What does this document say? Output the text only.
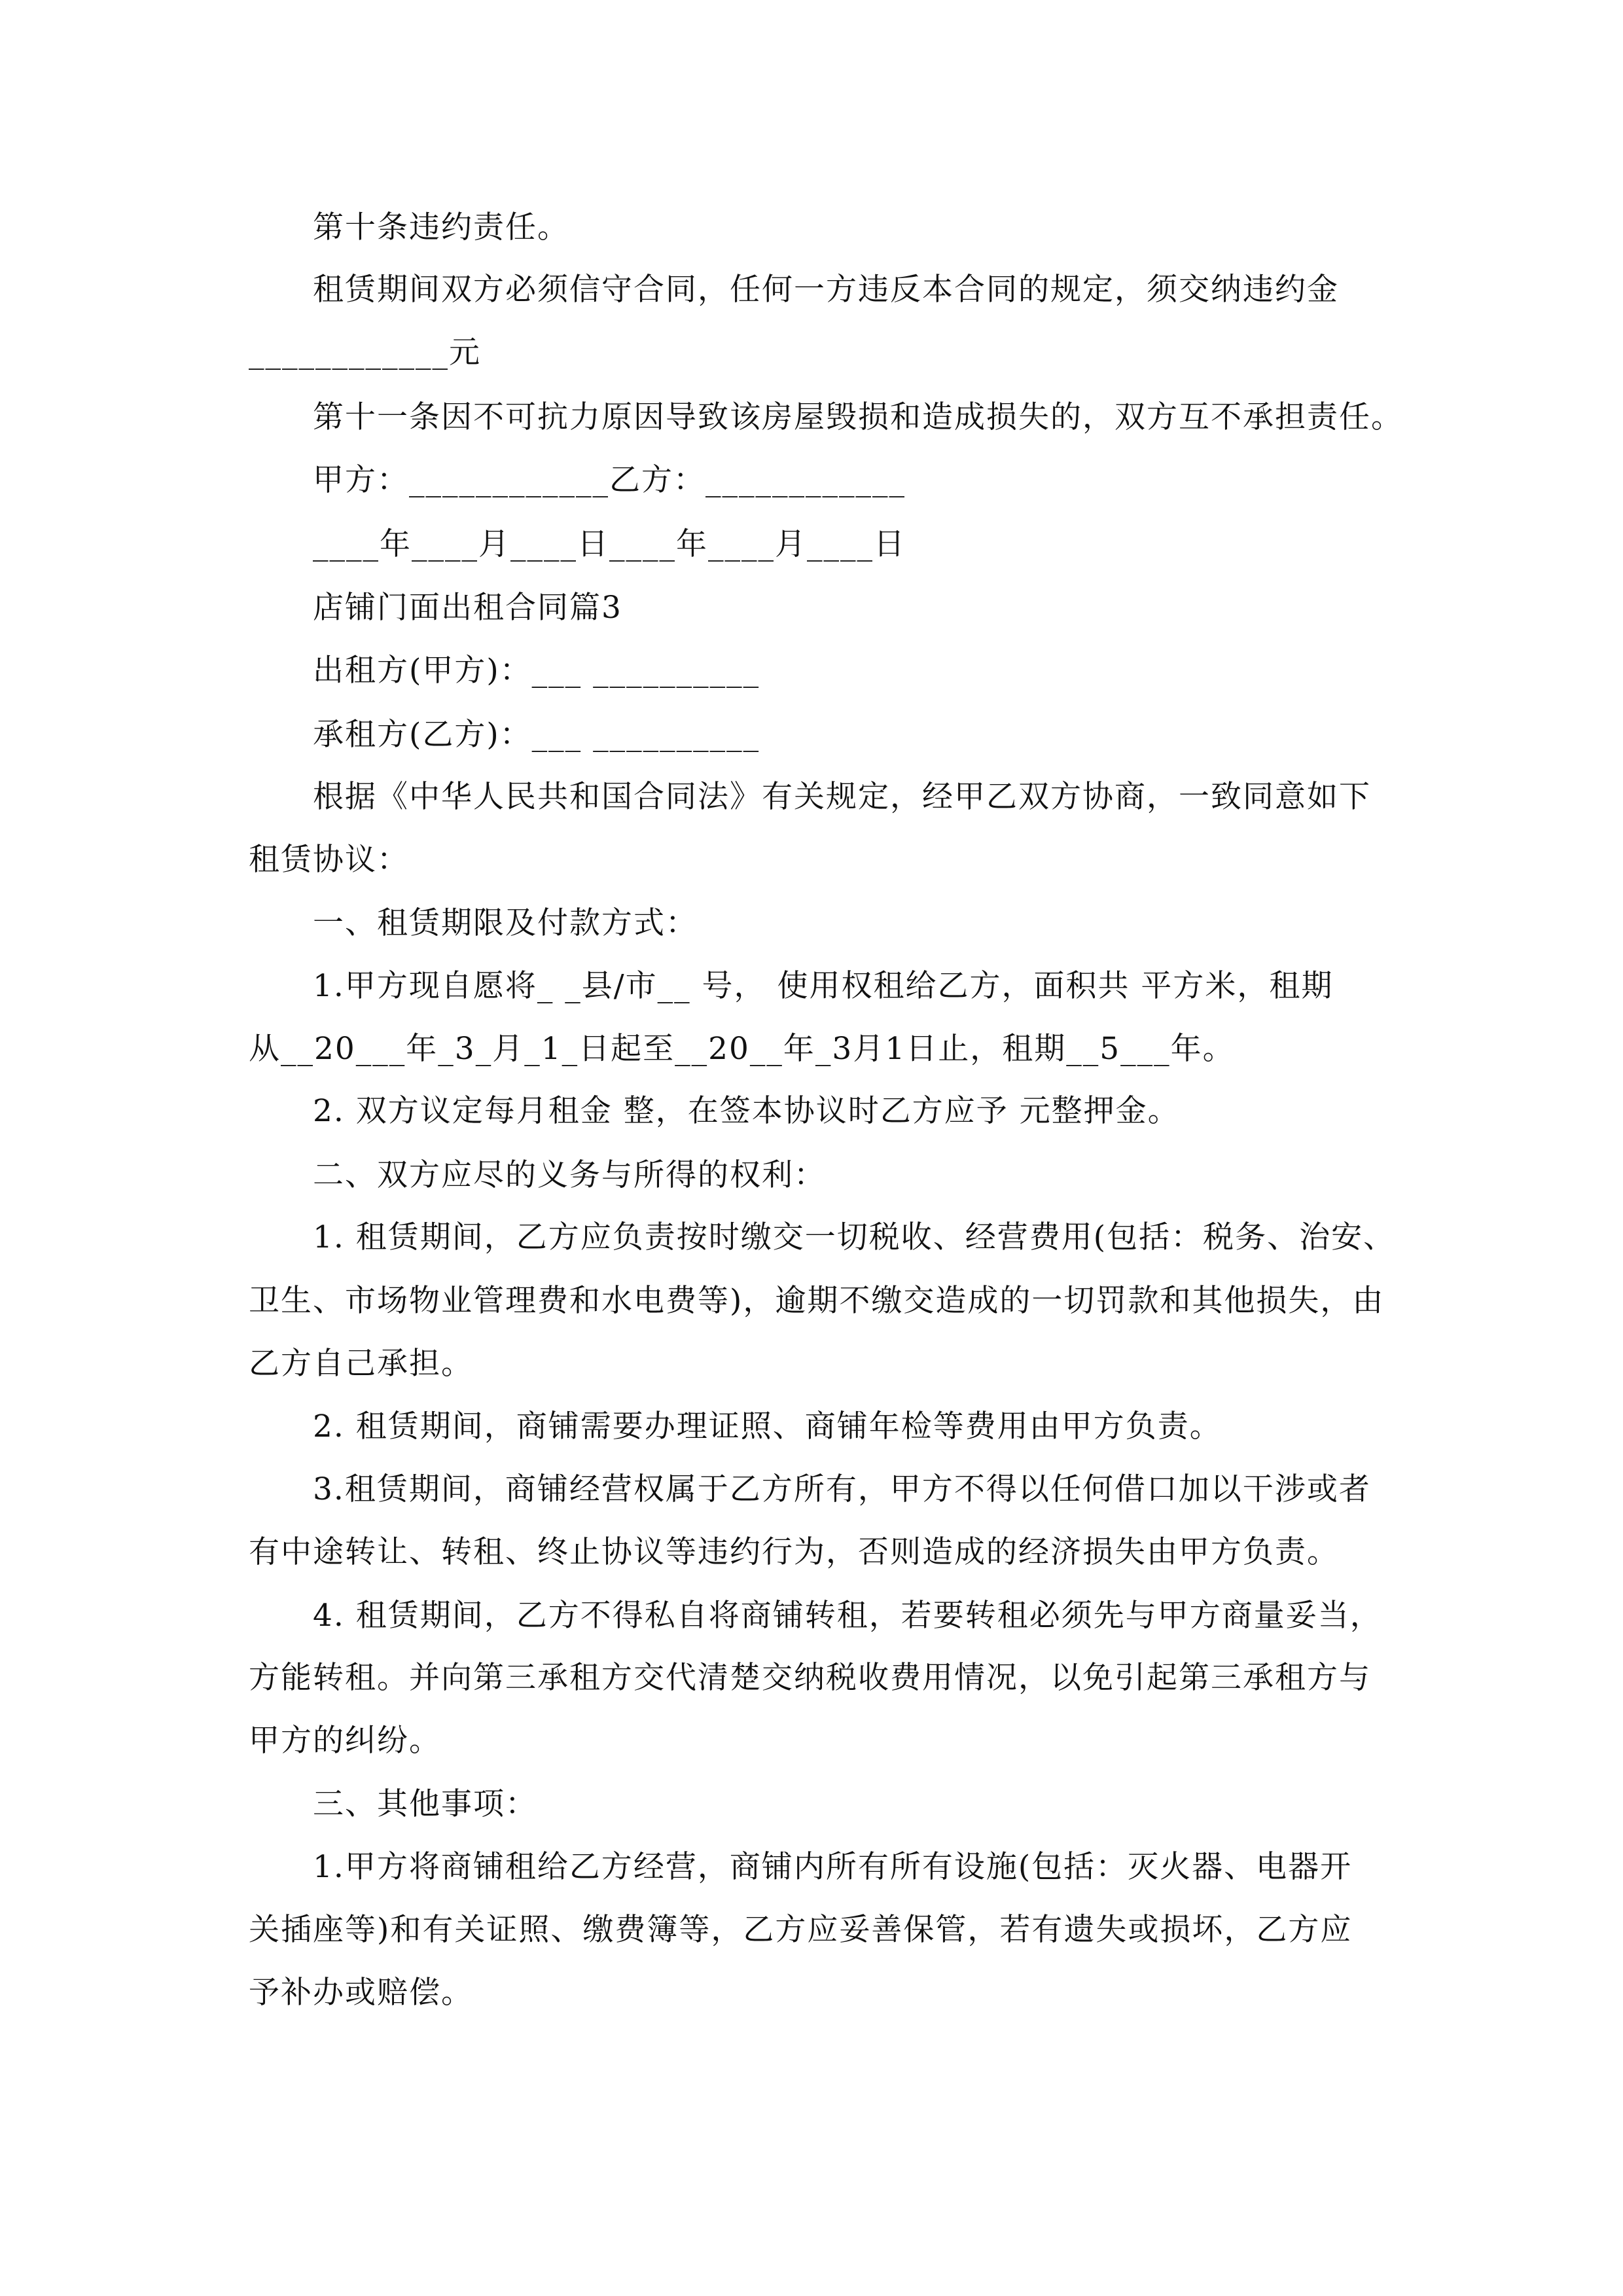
第十条违约责任。
租赁期间双方必须信守合同，任何一方违反本合同的规定，须交纳违约金
____________元
第十一条因不可抗力原因导致该房屋毁损和造成损失的，双方互不承担责任。
甲方：____________乙方：____________
____年____月____日____年____月____日
店铺门面出租合同篇3
出租方(甲方)：___ __________
承租方(乙方)：___ __________
根据《中华人民共和国合同法》有关规定，经甲乙双方协商，一致同意如下
租赁协议：
一、租赁期限及付款方式：
1.甲方现自愿将_ _县/市__ 号， 使用权租给乙方，面积共 平方米，租期
从__20___年_3_月_1_日起至__20__年_3月1日止，租期__5___年。
2. 双方议定每月租金 整，在签本协议时乙方应予 元整押金。
二、双方应尽的义务与所得的权利：
1. 租赁期间，乙方应负责按时缴交一切税收、经营费用(包括：税务、治安、
卫生、市场物业管理费和水电费等)，逾期不缴交造成的一切罚款和其他损失，由
乙方自己承担。
2. 租赁期间，商铺需要办理证照、商铺年检等费用由甲方负责。
3.租赁期间，商铺经营权属于乙方所有，甲方不得以任何借口加以干涉或者
有中途转让、转租、终止协议等违约行为，否则造成的经济损失由甲方负责。
4. 租赁期间，乙方不得私自将商铺转租，若要转租必须先与甲方商量妥当，
方能转租。并向第三承租方交代清楚交纳税收费用情况，以免引起第三承租方与
甲方的纠纷。
三、其他事项：
1.甲方将商铺租给乙方经营，商铺内所有所有设施(包括：灭火器、电器开
关插座等)和有关证照、缴费簿等，乙方应妥善保管，若有遗失或损坏，乙方应
予补办或赔偿。
